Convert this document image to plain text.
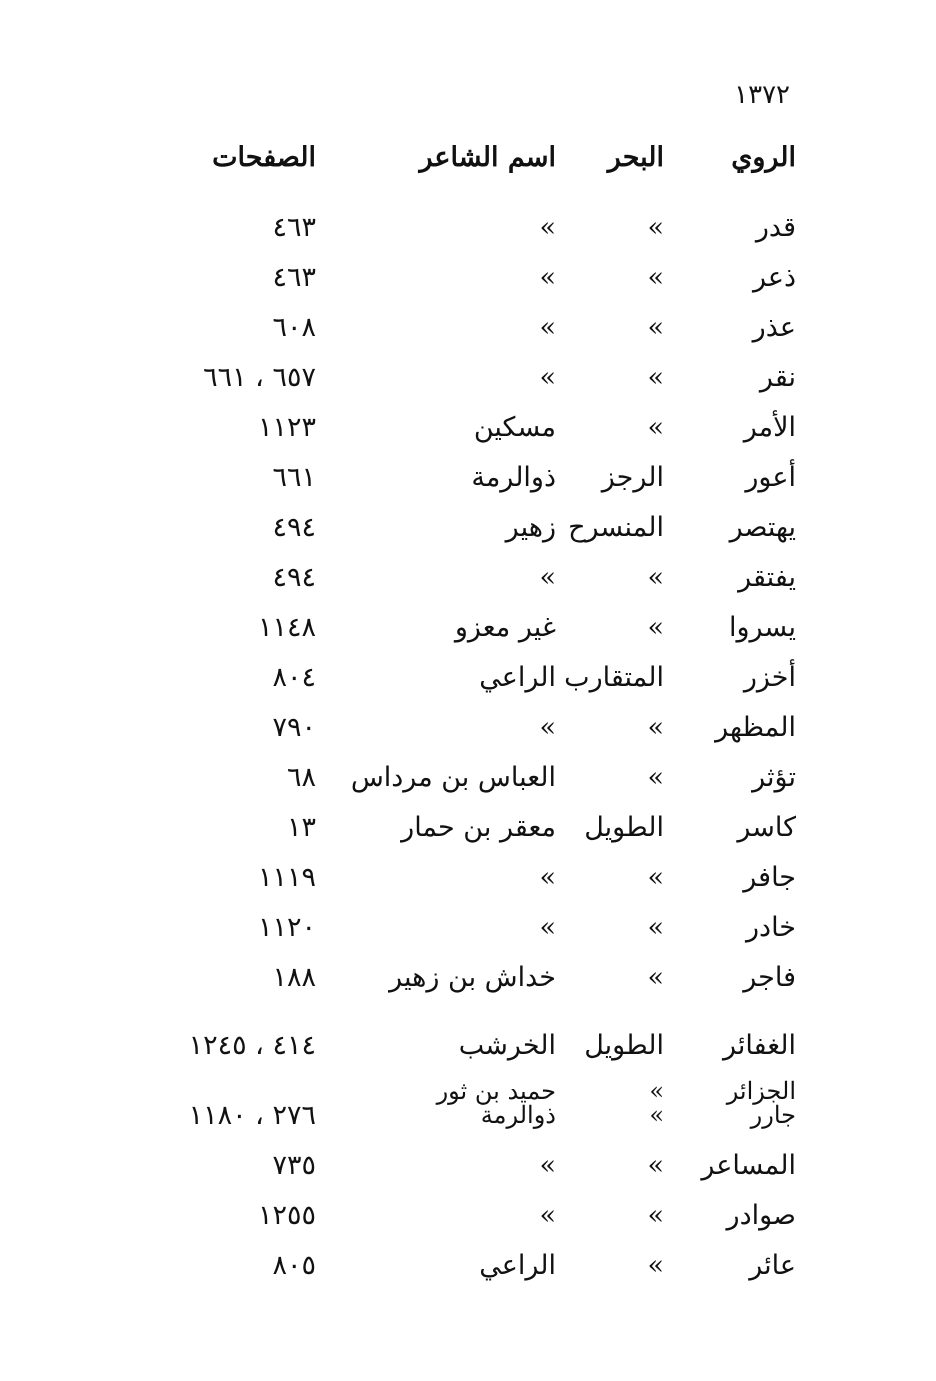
١٣٧٢
الروي
البحر
اسم الشاعر
الصفحات
قدر
»
»
٤٦٣
ذعر
»
»
٤٦٣
عذر
»
»
٦٠٨
نقر
»
»
٦٥٧ ، ٦٦١
الأمر
»
مسكين
١١٢٣
أعور
الرجز
ذوالرمة
٦٦١
يهتصر
المنسرح
زهير
٤٩٤
يفتقر
»
»
٤٩٤
يسروا
»
غير معزو
١١٤٨
أخزر
المتقارب
الراعي
٨٠٤
المظهر
»
»
٧٩٠
تؤثر
»
العباس بن مرداس
٦٨
كاسر
الطويل
معقر بن حمار
١٣
جافر
»
»
١١١٩
خادر
»
»
١١٢٠
فاجر
»
خداش بن زهير
١٨٨
الغفائر
الطويل
الخرشب
٤١٤ ، ١٢٤٥
الجزائر
جارر
»
»
حميد بن ثور
ذوالرمة
٢٧٦ ، ١١٨٠
المساعر
»
»
٧٣٥
صوادر
»
»
١٢٥٥
عائر
»
الراعي
٨٠٥
